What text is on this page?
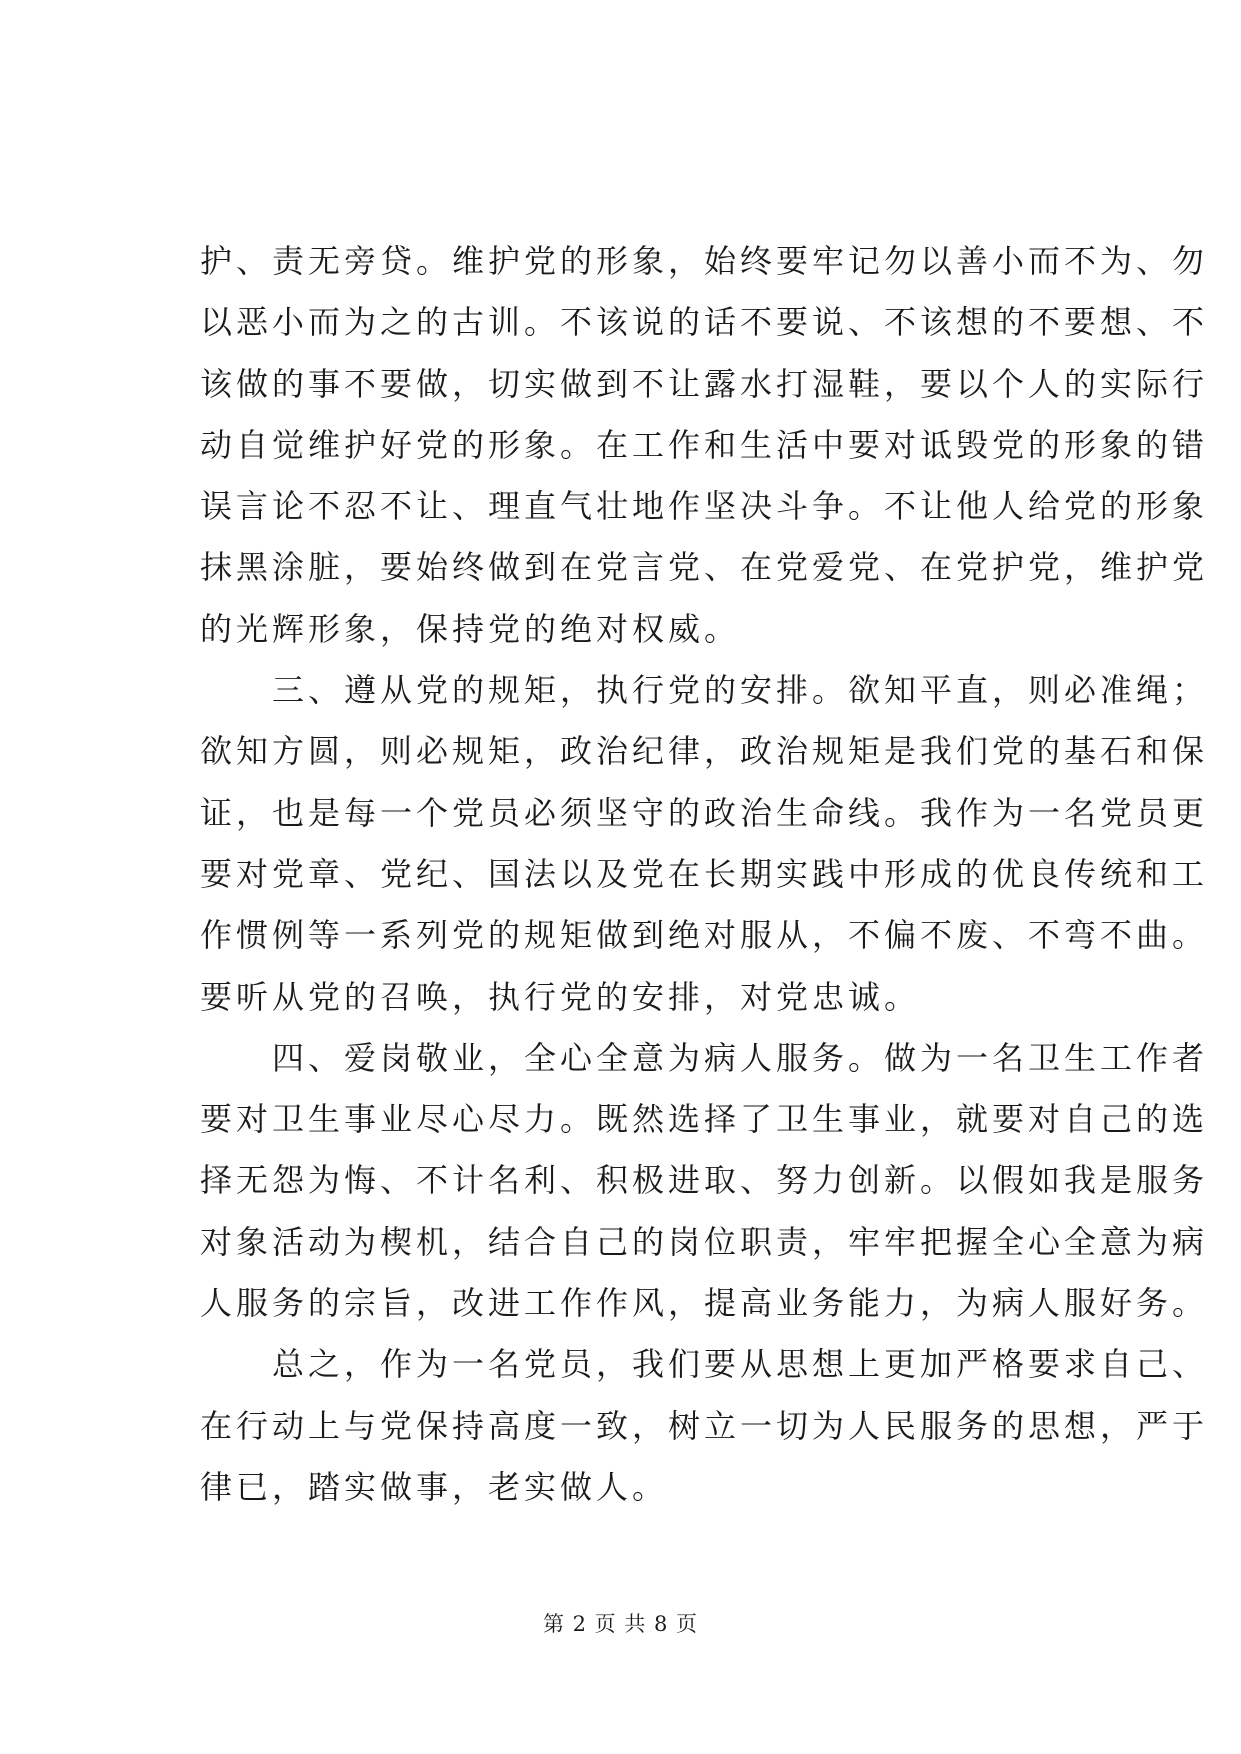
护、责无旁贷。维护党的形象，始终要牢记勿以善小而不为、勿
以恶小而为之的古训。不该说的话不要说、不该想的不要想、不
该做的事不要做，切实做到不让露水打湿鞋，要以个人的实际行
动自觉维护好党的形象。在工作和生活中要对诋毁党的形象的错
误言论不忍不让、理直气壮地作坚决斗争。不让他人给党的形象
抹黑涂脏，要始终做到在党言党、在党爱党、在党护党，维护党
的光辉形象，保持党的绝对权威。
　　三、遵从党的规矩，执行党的安排。欲知平直，则必准绳；
欲知方圆，则必规矩，政治纪律，政治规矩是我们党的基石和保
证，也是每一个党员必须坚守的政治生命线。我作为一名党员更
要对党章、党纪、国法以及党在长期实践中形成的优良传统和工
作惯例等一系列党的规矩做到绝对服从，不偏不废、不弯不曲。
要听从党的召唤，执行党的安排，对党忠诚。
　　四、爱岗敬业，全心全意为病人服务。做为一名卫生工作者
要对卫生事业尽心尽力。既然选择了卫生事业，就要对自己的选
择无怨为悔、不计名利、积极进取、努力创新。以假如我是服务
对象活动为楔机，结合自己的岗位职责，牢牢把握全心全意为病
人服务的宗旨，改进工作作风，提高业务能力，为病人服好务。
　　总之，作为一名党员，我们要从思想上更加严格要求自己、
在行动上与党保持高度一致，树立一切为人民服务的思想，严于
律已，踏实做事，老实做人。
第 2 页 共 8 页
